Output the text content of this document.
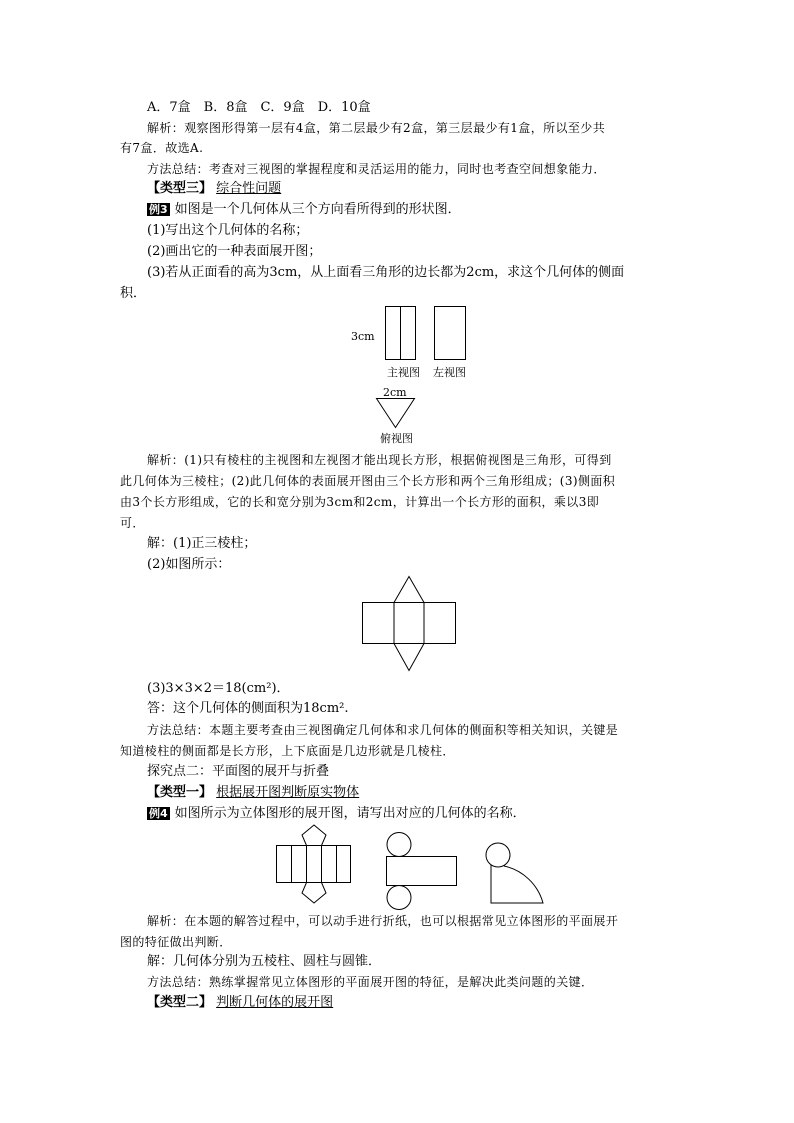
A．7盒　B．8盒　C．9盒　D．10盒
解析：观察图形得第一层有4盒，第二层最少有2盒，第三层最少有1盒，所以至少共
有7盒．故选A.
方法总结：考查对三视图的掌握程度和灵活运用的能力，同时也考查空间想象能力．
【类型三】 综合性问题
例3 如图是一个几何体从三个方向看所得到的形状图．
(1)写出这个几何体的名称；
(2)画出它的一种表面展开图；
(3)若从正面看的高为3cm，从上面看三角形的边长都为2cm，求这个几何体的侧面
积．
3cm
主视图 左视图
2cm
俯视图
解析：(1)只有棱柱的主视图和左视图才能出现长方形，根据俯视图是三角形，可得到
此几何体为三棱柱；(2)此几何体的表面展开图由三个长方形和两个三角形组成；(3)侧面积
由3个长方形组成，它的长和宽分别为3cm和2cm，计算出一个长方形的面积，乘以3即
可．
解：(1)正三棱柱；
(2)如图所示：
(3)3×3×2＝18(cm²)．
答：这个几何体的侧面积为18cm².
方法总结：本题主要考查由三视图确定几何体和求几何体的侧面积等相关知识，关键是
知道棱柱的侧面都是长方形，上下底面是几边形就是几棱柱．
探究点二：平面图的展开与折叠
【类型一】 根据展开图判断原实物体
例4 如图所示为立体图形的展开图，请写出对应的几何体的名称．
解析：在本题的解答过程中，可以动手进行折纸，也可以根据常见立体图形的平面展开
图的特征做出判断．
解：几何体分别为五棱柱、圆柱与圆锥．
方法总结：熟练掌握常见立体图形的平面展开图的特征，是解决此类问题的关键．
【类型二】 判断几何体的展开图
